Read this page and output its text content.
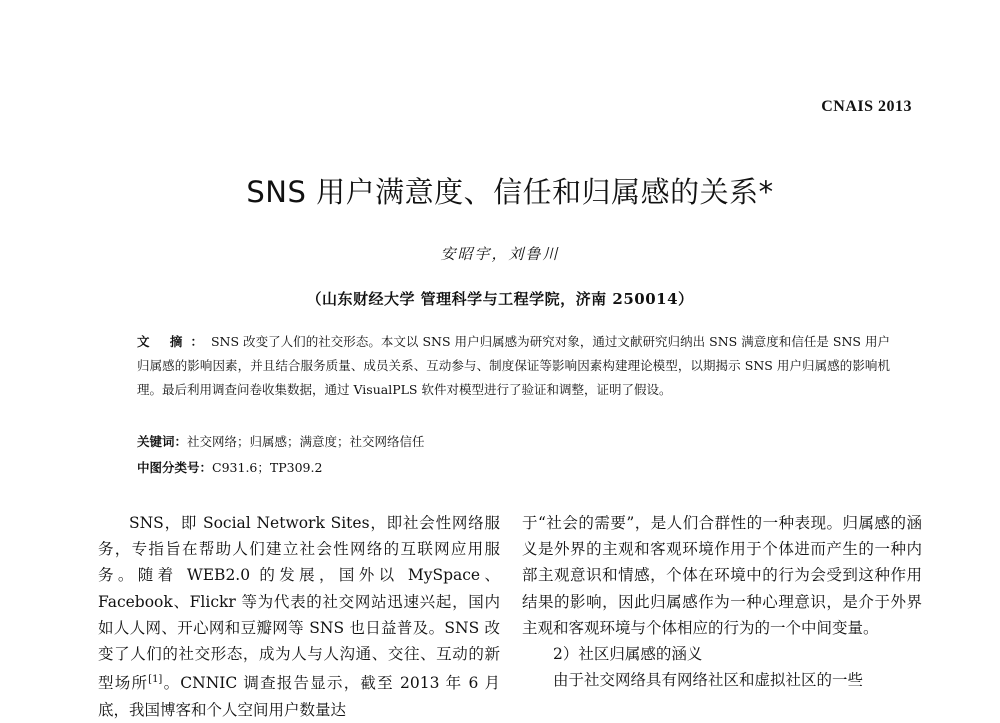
CNAIS 2013
SNS 用户满意度、信任和归属感的关系*
安昭宇，刘鲁川
（山东财经大学 管理科学与工程学院，济南 250014）
文 摘：SNS 改变了人们的社交形态。本文以 SNS 用户归属感为研究对象，通过文献研究归纳出 SNS 满意度和信任是 SNS 用户归属感的影响因素，并且结合服务质量、成员关系、互动参与、制度保证等影响因素构建理论模型，以期揭示 SNS 用户归属感的影响机理。最后利用调查问卷收集数据，通过 VisualPLS 软件对模型进行了验证和调整，证明了假设。
关键词：社交网络；归属感；满意度；社交网络信任
中图分类号：C931.6；TP309.2

SNS，即 Social Network Sites，即社会性网络服务，专指旨在帮助人们建立社会性网络的互联网应用服务。随着 WEB2.0 的发展，国外以 MySpace、Facebook、Flickr 等为代表的社交网站迅速兴起，国内如人人网、开心网和豆瓣网等 SNS 也日益普及。SNS 改变了人们的社交形态，成为人与人沟通、交往、互动的新型场所[1]。CNNIC 调查报告显示，截至 2013 年 6 月底，我国博客和个人空间用户数量达

于“社会的需要”，是人们合群性的一种表现。归属感的涵义是外界的主观和客观环境作用于个体进而产生的一种内部主观意识和情感，个体在环境中的行为会受到这种作用结果的影响，因此归属感作为一种心理意识，是介于外界主观和客观环境与个体相应的行为的一个中间变量。

2）社区归属感的涵义

由于社交网络具有网络社区和虚拟社区的一些
